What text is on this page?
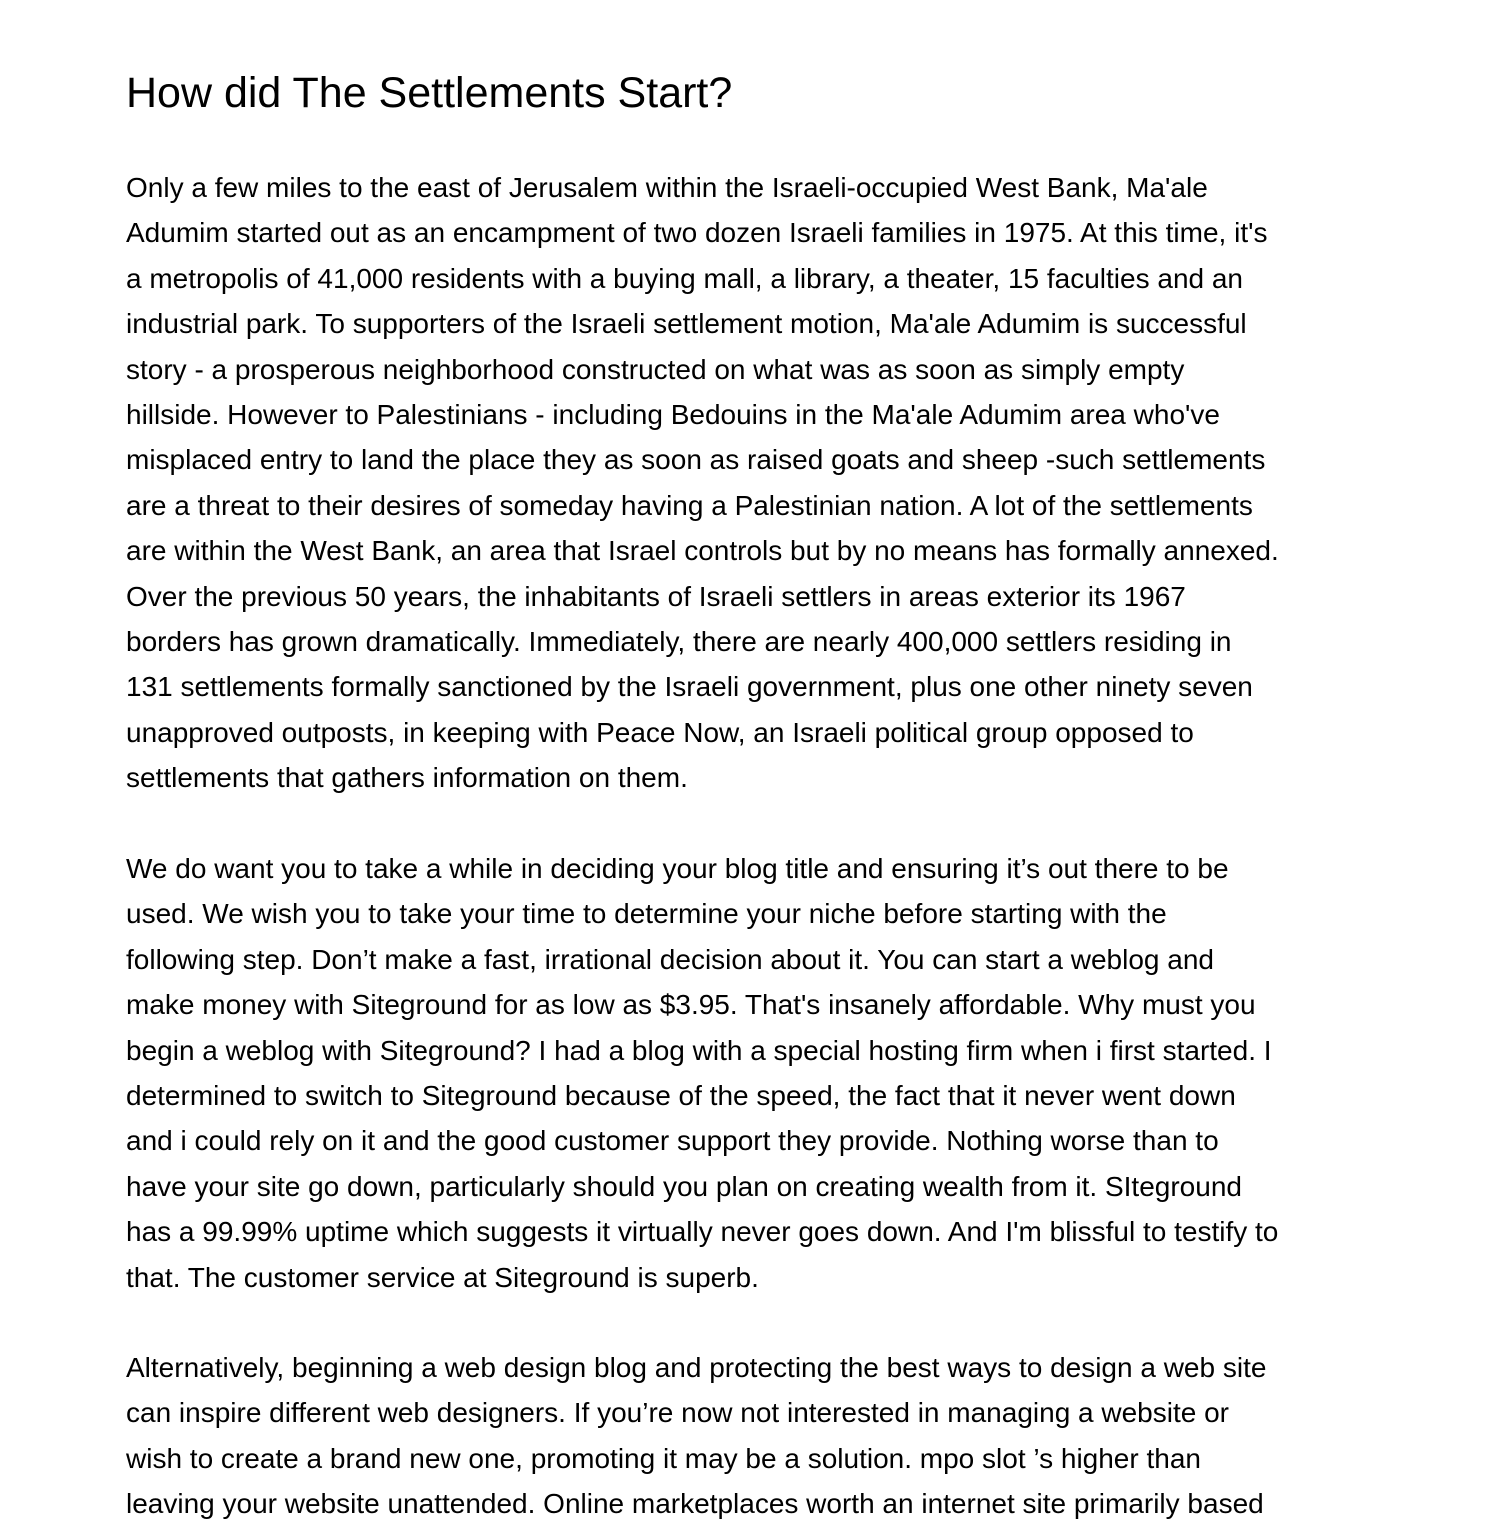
How did The Settlements Start?
Only a few miles to the east of Jerusalem within the Israeli-occupied West Bank, Ma'ale
Adumim started out as an encampment of two dozen Israeli families in 1975. At this time, it's
a metropolis of 41,000 residents with a buying mall, a library, a theater, 15 faculties and an
industrial park. To supporters of the Israeli settlement motion, Ma'ale Adumim is successful
story - a prosperous neighborhood constructed on what was as soon as simply empty
hillside. However to Palestinians - including Bedouins in the Ma'ale Adumim area who've
misplaced entry to land the place they as soon as raised goats and sheep -such settlements
are a threat to their desires of someday having a Palestinian nation. A lot of the settlements
are within the West Bank, an area that Israel controls but by no means has formally annexed.
Over the previous 50 years, the inhabitants of Israeli settlers in areas exterior its 1967
borders has grown dramatically. Immediately, there are nearly 400,000 settlers residing in
131 settlements formally sanctioned by the Israeli government, plus one other ninety seven
unapproved outposts, in keeping with Peace Now, an Israeli political group opposed to
settlements that gathers information on them.
We do want you to take a while in deciding your blog title and ensuring it’s out there to be
used. We wish you to take your time to determine your niche before starting with the
following step. Don’t make a fast, irrational decision about it. You can start a weblog and
make money with Siteground for as low as $3.95. That's insanely affordable. Why must you
begin a weblog with Siteground? I had a blog with a special hosting firm when i first started. I
determined to switch to Siteground because of the speed, the fact that it never went down
and i could rely on it and the good customer support they provide. Nothing worse than to
have your site go down, particularly should you plan on creating wealth from it. SIteground
has a 99.99% uptime which suggests it virtually never goes down. And I'm blissful to testify to
that. The customer service at Siteground is superb.
Alternatively, beginning a web design blog and protecting the best ways to design a web site
can inspire different web designers. If you’re now not interested in managing a website or
wish to create a brand new one, promoting it may be a solution. mpo slot ’s higher than
leaving your website unattended. Online marketplaces worth an internet site primarily based
